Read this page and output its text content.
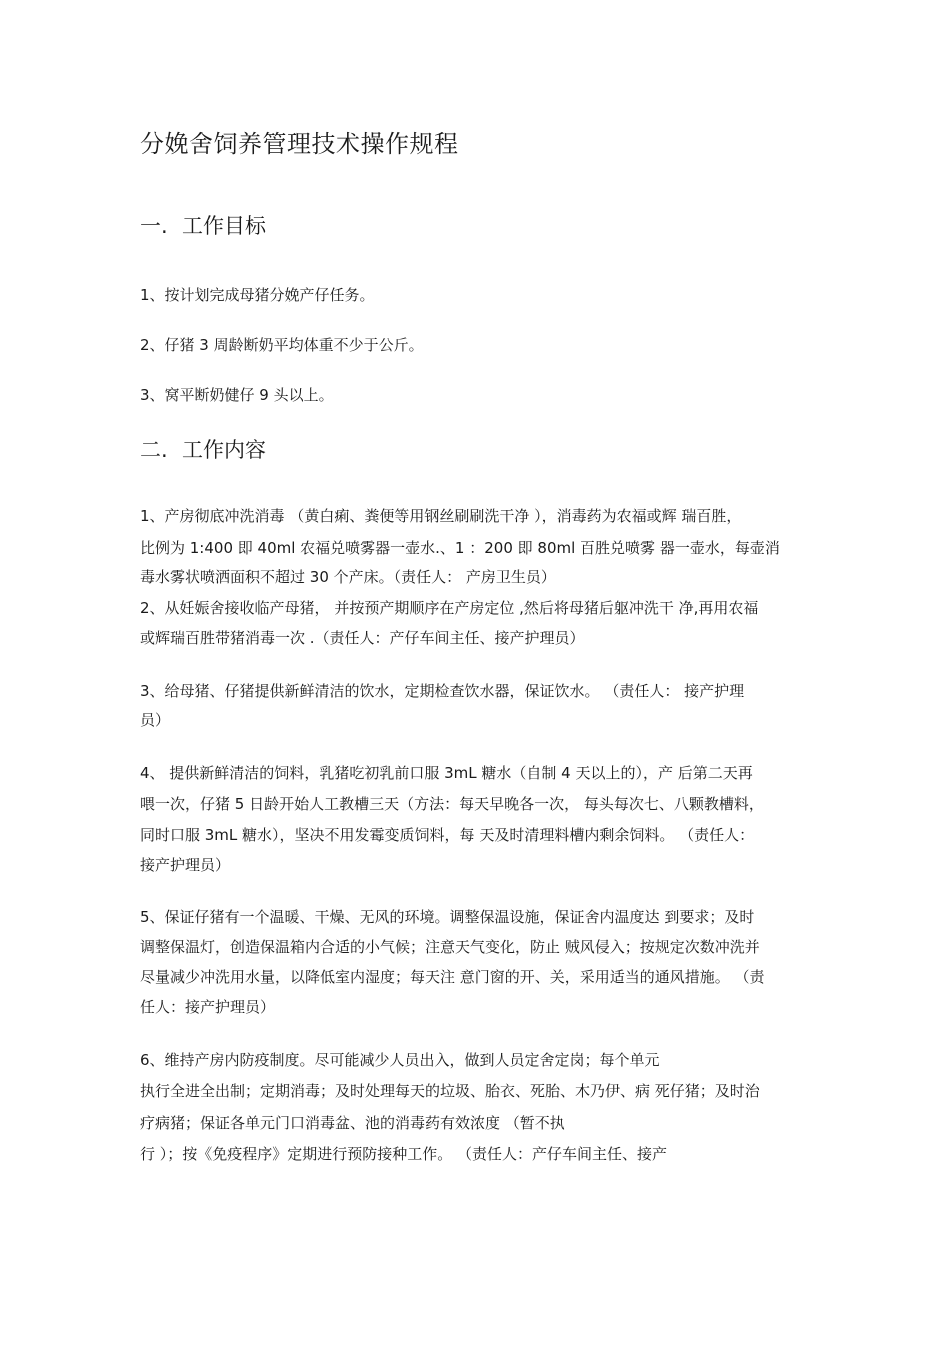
分娩舍饲养管理技术操作规程
一. 工作目标
1、按计划完成母猪分娩产仔任务。
2、仔猪 3 周龄断奶平均体重不少于公斤。
3、窝平断奶健仔 9 头以上。
二. 工作内容
1、产房彻底冲洗消毒 （黄白痢、粪便等用钢丝刷刷洗干净 ），消毒药为农福或辉 瑞百胜，
比例为 1:400 即 40ml 农福兑喷雾器一壶水.、1 ：200 即 80ml 百胜兑喷雾 器一壶水，每壶消
毒水雾状喷洒面积不超过 30 个产床。（责任人： 产房卫生员）
2、从妊娠舍接收临产母猪， 并按预产期顺序在产房定位 ,然后将母猪后躯冲洗干 净,再用农福
或辉瑞百胜带猪消毒一次 .（责任人：产仔车间主任、接产护理员）
3、给母猪、仔猪提供新鲜清洁的饮水，定期检查饮水器，保证饮水。 （责任人： 接产护理
员）
4、 提供新鲜清洁的饲料，乳猪吃初乳前口服 3mL 糖水（自制 4 天以上的），产 后第二天再
喂一次，仔猪 5 日龄开始人工教槽三天（方法：每天早晚各一次， 每头每次七、八颗教槽料，
同时口服 3mL 糖水），坚决不用发霉变质饲料，每 天及时清理料槽内剩余饲料。 （责任人：
接产护理员）
5、保证仔猪有一个温暖、干燥、无风的环境。调整保温设施，保证舍内温度达 到要求；及时
调整保温灯，创造保温箱内合适的小气候；注意天气变化，防止 贼风侵入；按规定次数冲洗并
尽量减少冲洗用水量，以降低室内湿度；每天注 意门窗的开、关，采用适当的通风措施。 （责
任人：接产护理员）
6、维持产房内防疫制度。尽可能减少人员出入，做到人员定舍定岗；每个单元
执行全进全出制；定期消毒；及时处理每天的垃圾、胎衣、死胎、木乃伊、病 死仔猪；及时治
疗病猪；保证各单元门口消毒盆、池的消毒药有效浓度 （暂不执
行 ）；按《免疫程序》定期进行预防接种工作。 （责任人：产仔车间主任、接产
